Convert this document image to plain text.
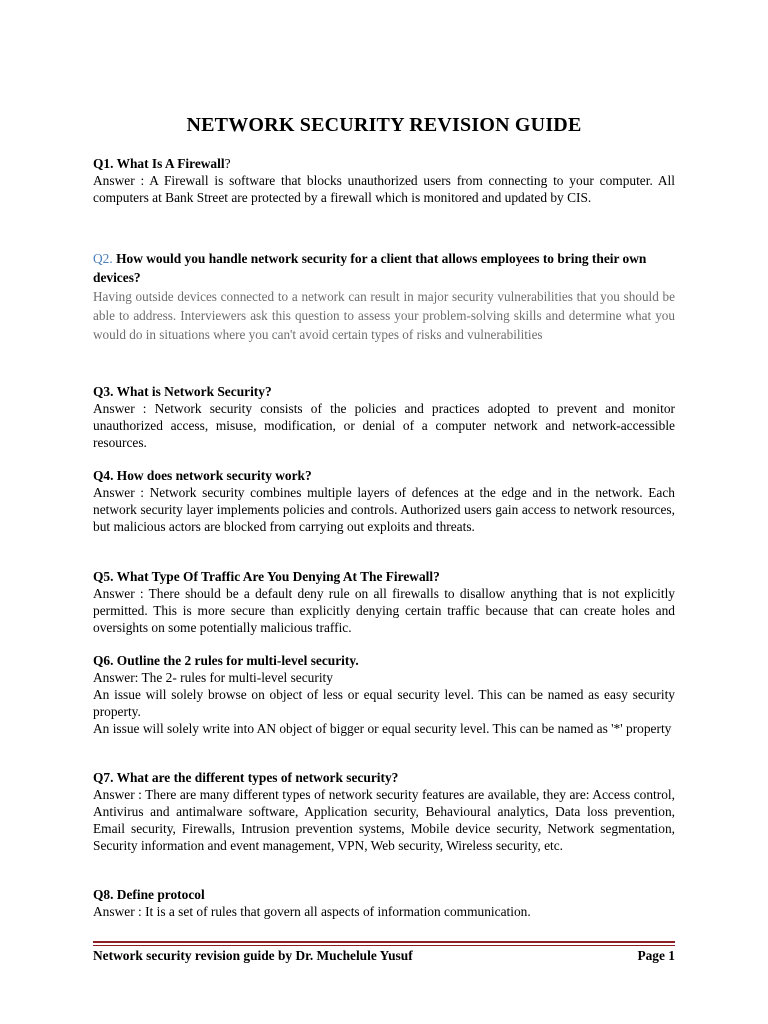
NETWORK SECURITY REVISION GUIDE
Q1. What Is A Firewall?
Answer : A Firewall is software that blocks unauthorized users from connecting to your computer. All computers at Bank Street are protected by a firewall which is monitored and updated by CIS.
Q2. How would you handle network security for a client that allows employees to bring their own devices?
Having outside devices connected to a network can result in major security vulnerabilities that you should be able to address. Interviewers ask this question to assess your problem-solving skills and determine what you would do in situations where you can't avoid certain types of risks and vulnerabilities
Q3. What is Network Security?
Answer : Network security consists of the policies and practices adopted to prevent and monitor unauthorized access, misuse, modification, or denial of a computer network and network-accessible resources.
Q4. How does network security work?
Answer : Network security combines multiple layers of defences at the edge and in the network. Each network security layer implements policies and controls. Authorized users gain access to network resources, but malicious actors are blocked from carrying out exploits and threats.
Q5. What Type Of Traffic Are You Denying At The Firewall?
Answer : There should be a default deny rule on all firewalls to disallow anything that is not explicitly permitted. This is more secure than explicitly denying certain traffic because that can create holes and oversights on some potentially malicious traffic.
Q6. Outline the 2 rules for multi-level security.
Answer: The 2- rules for multi-level security
An issue will solely browse on object of less or equal security level. This can be named as easy security property.
An issue will solely write into AN object of bigger or equal security level. This can be named as '*' property
Q7. What are the different types of network security?
Answer : There are many different types of network security features are available, they are: Access control, Antivirus and antimalware software, Application security, Behavioural analytics, Data loss prevention, Email security, Firewalls, Intrusion prevention systems, Mobile device security, Network segmentation, Security information and event management, VPN, Web security, Wireless security, etc.
Q8. Define protocol
Answer : It is a set of rules that govern all aspects of information communication.
Network security revision guide by Dr. Muchelule Yusuf	Page 1
